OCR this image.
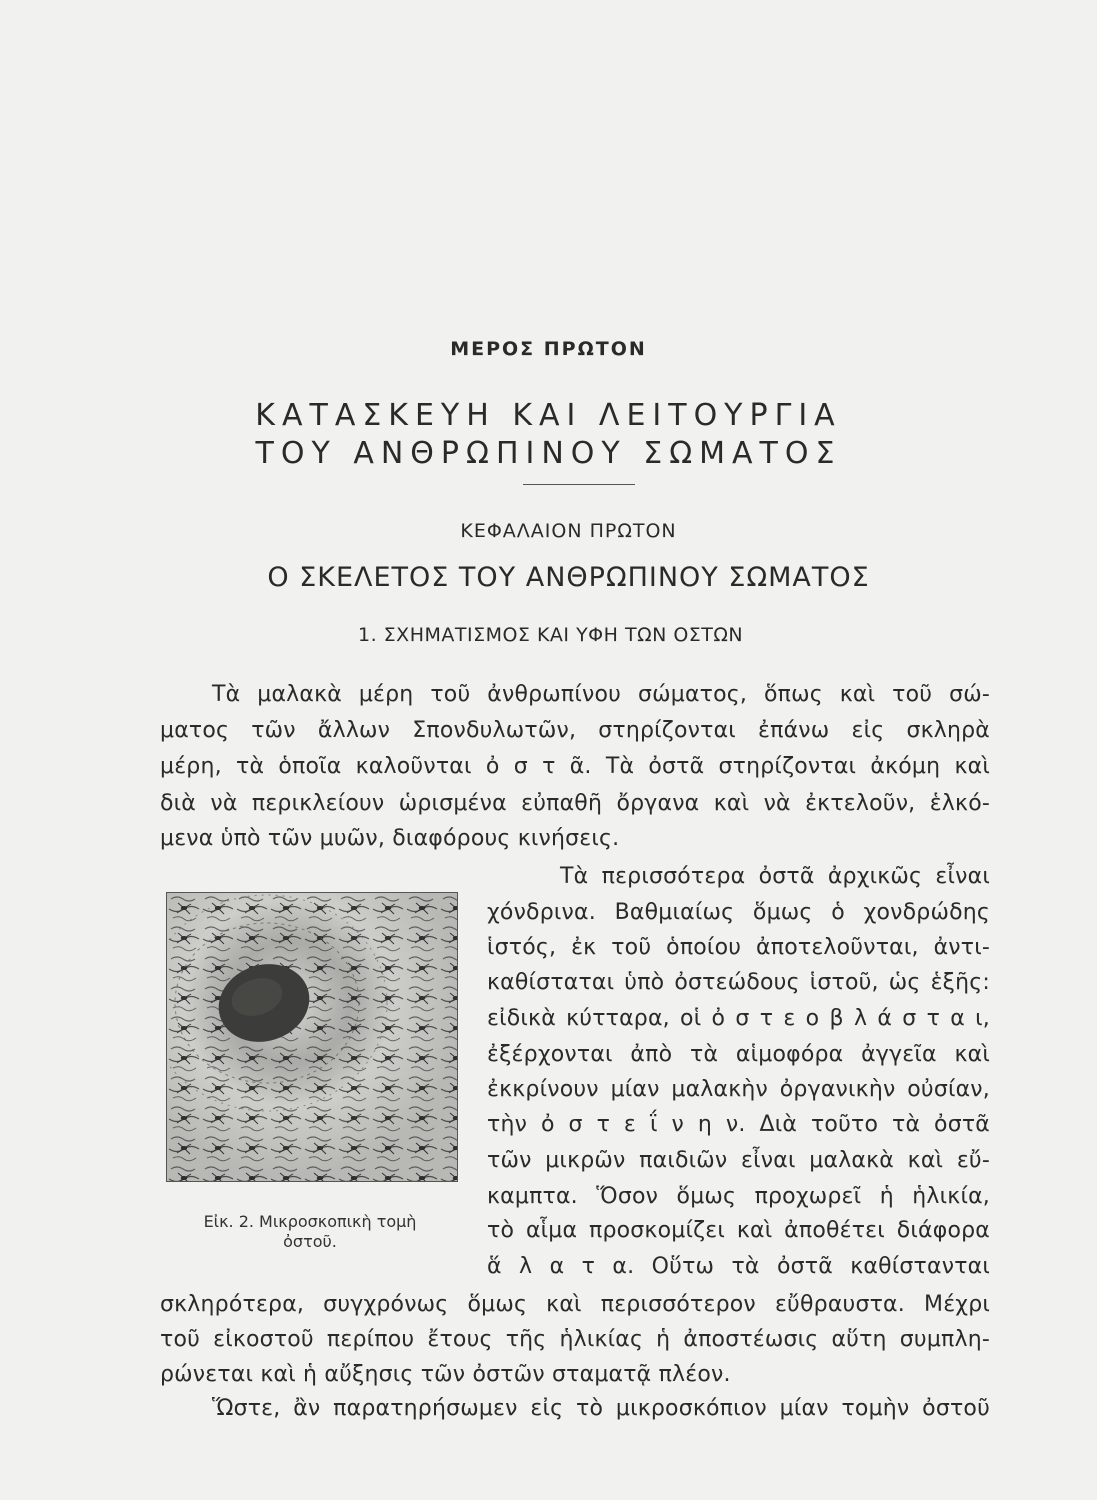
ΜΕΡΟΣ ΠΡΩΤΟΝ
ΚΑΤΑΣΚΕΥΗ ΚΑΙ ΛΕΙΤΟΥΡΓΙΑ
ΤΟΥ ΑΝΘΡΩΠΙΝΟΥ ΣΩΜΑΤΟΣ
ΚΕΦΑΛΑΙΟΝ ΠΡΩΤΟΝ
Ο ΣΚΕΛΕΤΟΣ ΤΟΥ ΑΝΘΡΩΠΙΝΟΥ ΣΩΜΑΤΟΣ
1. ΣΧΗΜΑΤΙΣΜΟΣ ΚΑΙ ΥΦΗ ΤΩΝ ΟΣΤΩΝ
Τὰ μαλακὰ μέρη τοῦ ἀνθρωπίνου σώματος, ὅπως καὶ τοῦ σώ-
ματος τῶν ἄλλων Σπονδυλωτῶν, στηρίζονται ἐπάνω εἰς σκληρὰ
μέρη, τὰ ὁποῖα καλοῦνται ὀ σ τ ᾶ. Τὰ ὀστᾶ στηρίζονται ἀκόμη καὶ
διὰ νὰ περικλείουν ὡρισμένα εὐπαθῆ ὄργανα καὶ νὰ ἐκτελοῦν, ἑλκό-
μενα ὑπὸ τῶν μυῶν, διαφόρους κινήσεις.
Εἰκ. 2. Μικροσκοπικὴ τομὴ
ὀστοῦ.
Τὰ περισσότερα ὀστᾶ ἀρχικῶς εἶναι
χόνδρινα. Βαθμιαίως ὅμως ὁ χονδρώδης
ἱστός, ἐκ τοῦ ὁποίου ἀποτελοῦνται, ἀντι-
καθίσταται ὑπὸ ὀστεώδους ἱστοῦ, ὡς ἑξῆς:
εἰδικὰ κύτταρα, οἱ ὀ σ τ ε ο β λ ά σ τ α ι,
ἐξέρχονται ἀπὸ τὰ αἱμοφόρα ἀγγεῖα καὶ
ἐκκρίνουν μίαν μαλακὴν ὀργανικὴν οὐσίαν,
τὴν ὀ σ τ ε ΐ ν η ν. Διὰ τοῦτο τὰ ὀστᾶ
τῶν μικρῶν παιδιῶν εἶναι μαλακὰ καὶ εὔ-
καμπτα. Ὅσον ὅμως προχωρεῖ ἡ ἡλικία,
τὸ αἷμα προσκομίζει καὶ ἀποθέτει διάφορα
ἅ λ α τ α. Οὕτω τὰ ὀστᾶ καθίστανται
σκληρότερα, συγχρόνως ὅμως καὶ περισσότερον εὔθραυστα. Μέχρι
τοῦ εἰκοστοῦ περίπου ἔτους τῆς ἡλικίας ἡ ἀποστέωσις αὕτη συμπλη-
ρώνεται καὶ ἡ αὔξησις τῶν ὀστῶν σταματᾷ πλέον.
Ὥστε, ἂν παρατηρήσωμεν εἰς τὸ μικροσκόπιον μίαν τομὴν ὀστοῦ
